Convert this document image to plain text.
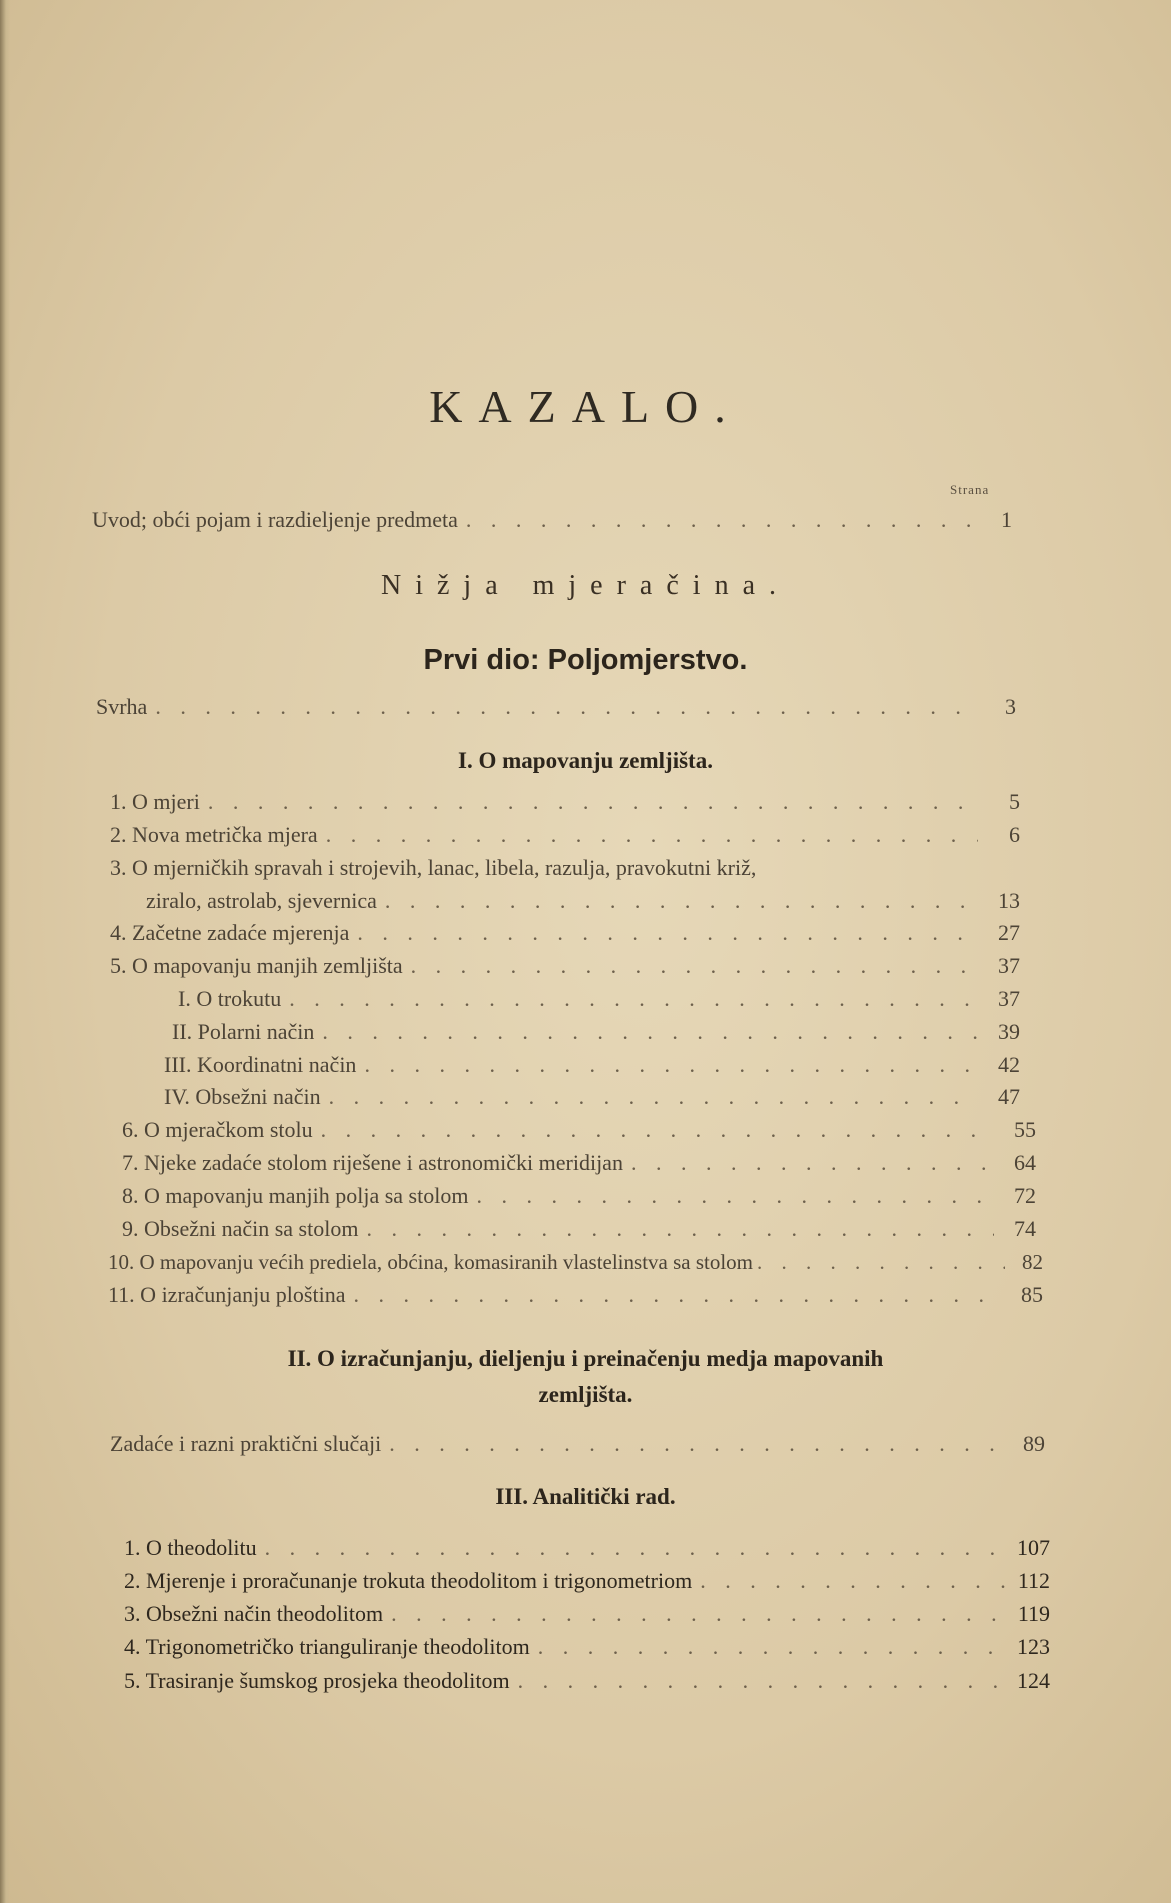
KAZALO.
Strana
Uvod; obći pojam i razdieljenje predmeta . . .	1
Nižja mjeračina.
Prvi dio: Poljomjerstvo.
Svrha . . .	3
I. O mapovanju zemljišta.
1. O mjeri . . .	5
2. Nova metrička mjera . . .	6
3. O mjerničkih spravah i strojevih, lanac, libela, razulja, pravokutni križ,
ziralo, astrolab, sjevernica . . .	13
4. Začetne zadaće mjerenja . . .	27
5. O mapovanju manjih zemljišta . . .	37
I. O trokutu . . .	37
II. Polarni način . . .	39
III. Koordinatni način . . .	42
IV. Obsežni način . . .	47
6. O mjeračkom stolu . . .	55
7. Njeke zadaće stolom riješene i astronomički meridijan . . .	64
8. O mapovanju manjih polja sa stolom . . .	72
9. Obsežni način sa stolom . . .	74
10. O mapovanju većih prediela, obćina, komasiranih vlastelinstva sa stolom . . .	82
11. O izračunjanju ploština . . .	85
II. O izračunjanju, dieljenju i preinačenju medja mapovanih
zemljišta.
Zadaće i razni praktični slučaji . . .	89
III. Analitički rad.
1. O theodolitu . . .	107
2. Mjerenje i proračunanje trokuta theodolitom i trigonometriom . . .	112
3. Obsežni način theodolitom . . .	119
4. Trigonometričko trianguliranje theodolitom . . .	123
5. Trasiranje šumskog prosjeka theodolitom . . .	124
